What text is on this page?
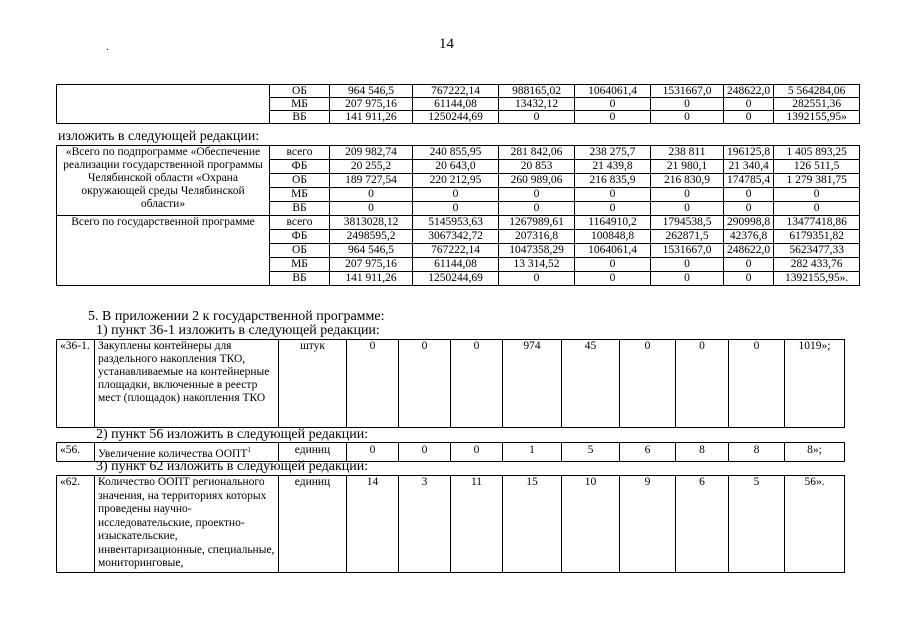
14
.
	ОБ	964 546,5	767222,14	988165,02	1064061,4	1531667,0	248622,0	5 564284,06
	МБ	207 975,16	61144,08	13432,12	0	0	0	282551,36
	ВБ	141 911,26	1250244,69	0	0	0	0	1392155,95»
изложить в следующей редакции:
«Всего по подпрограмме «Обеспечение реализации государственной программы Челябинской области «Охрана окружающей среды Челябинской области»	всего	209 982,74	240 855,95	281 842,06	238 275,7	238 811	196125,8	1 405 893,25
	ФБ	20 255,2	20 643,0	20 853	21 439,8	21 980,1	21 340,4	126 511,5
	ОБ	189 727,54	220 212,95	260 989,06	216 835,9	216 830,9	174785,4	1 279 381,75
	МБ	0	0	0	0	0	0	0
	ВБ	0	0	0	0	0	0	0
Всего по государственной программе	всего	3813028,12	5145953,63	1267989,61	1164910,2	1794538,5	290998,8	13477418,86
	ФБ	2498595,2	3067342,72	207316,8	100848,8	262871,5	42376,8	6179351,82
	ОБ	964 546,5	767222,14	1047358,29	1064061,4	1531667,0	248622,0	5623477,33
	МБ	207 975,16	61144,08	13 314,52	0	0	0	282 433,76
	ВБ	141 911,26	1250244,69	0	0	0	0	1392155,95».
5. В приложении 2 к государственной программе:
1) пункт 36-1 изложить в следующей редакции:
«36-1.	Закуплены контейнеры для раздельного накопления ТКО, устанавливаемые на контейнерные площадки, включенные в реестр мест (площадок) накопления ТКО	штук	0	0	0	974	45	0	0	0	1019»;
2) пункт 56 изложить в следующей редакции:
«56.	Увеличение количества ООПТ$^1$	единиц	0	0	0	1	5	6	8	8	8»;
3) пункт 62 изложить в следующей редакции:
«62.	Количество ООПТ регионального значения, на территориях которых проведены научно-исследовательские, проектно-изыскательские, инвентаризационные, специальные, мониторинговые,	единиц	14	3	11	15	10	9	6	5	56».
